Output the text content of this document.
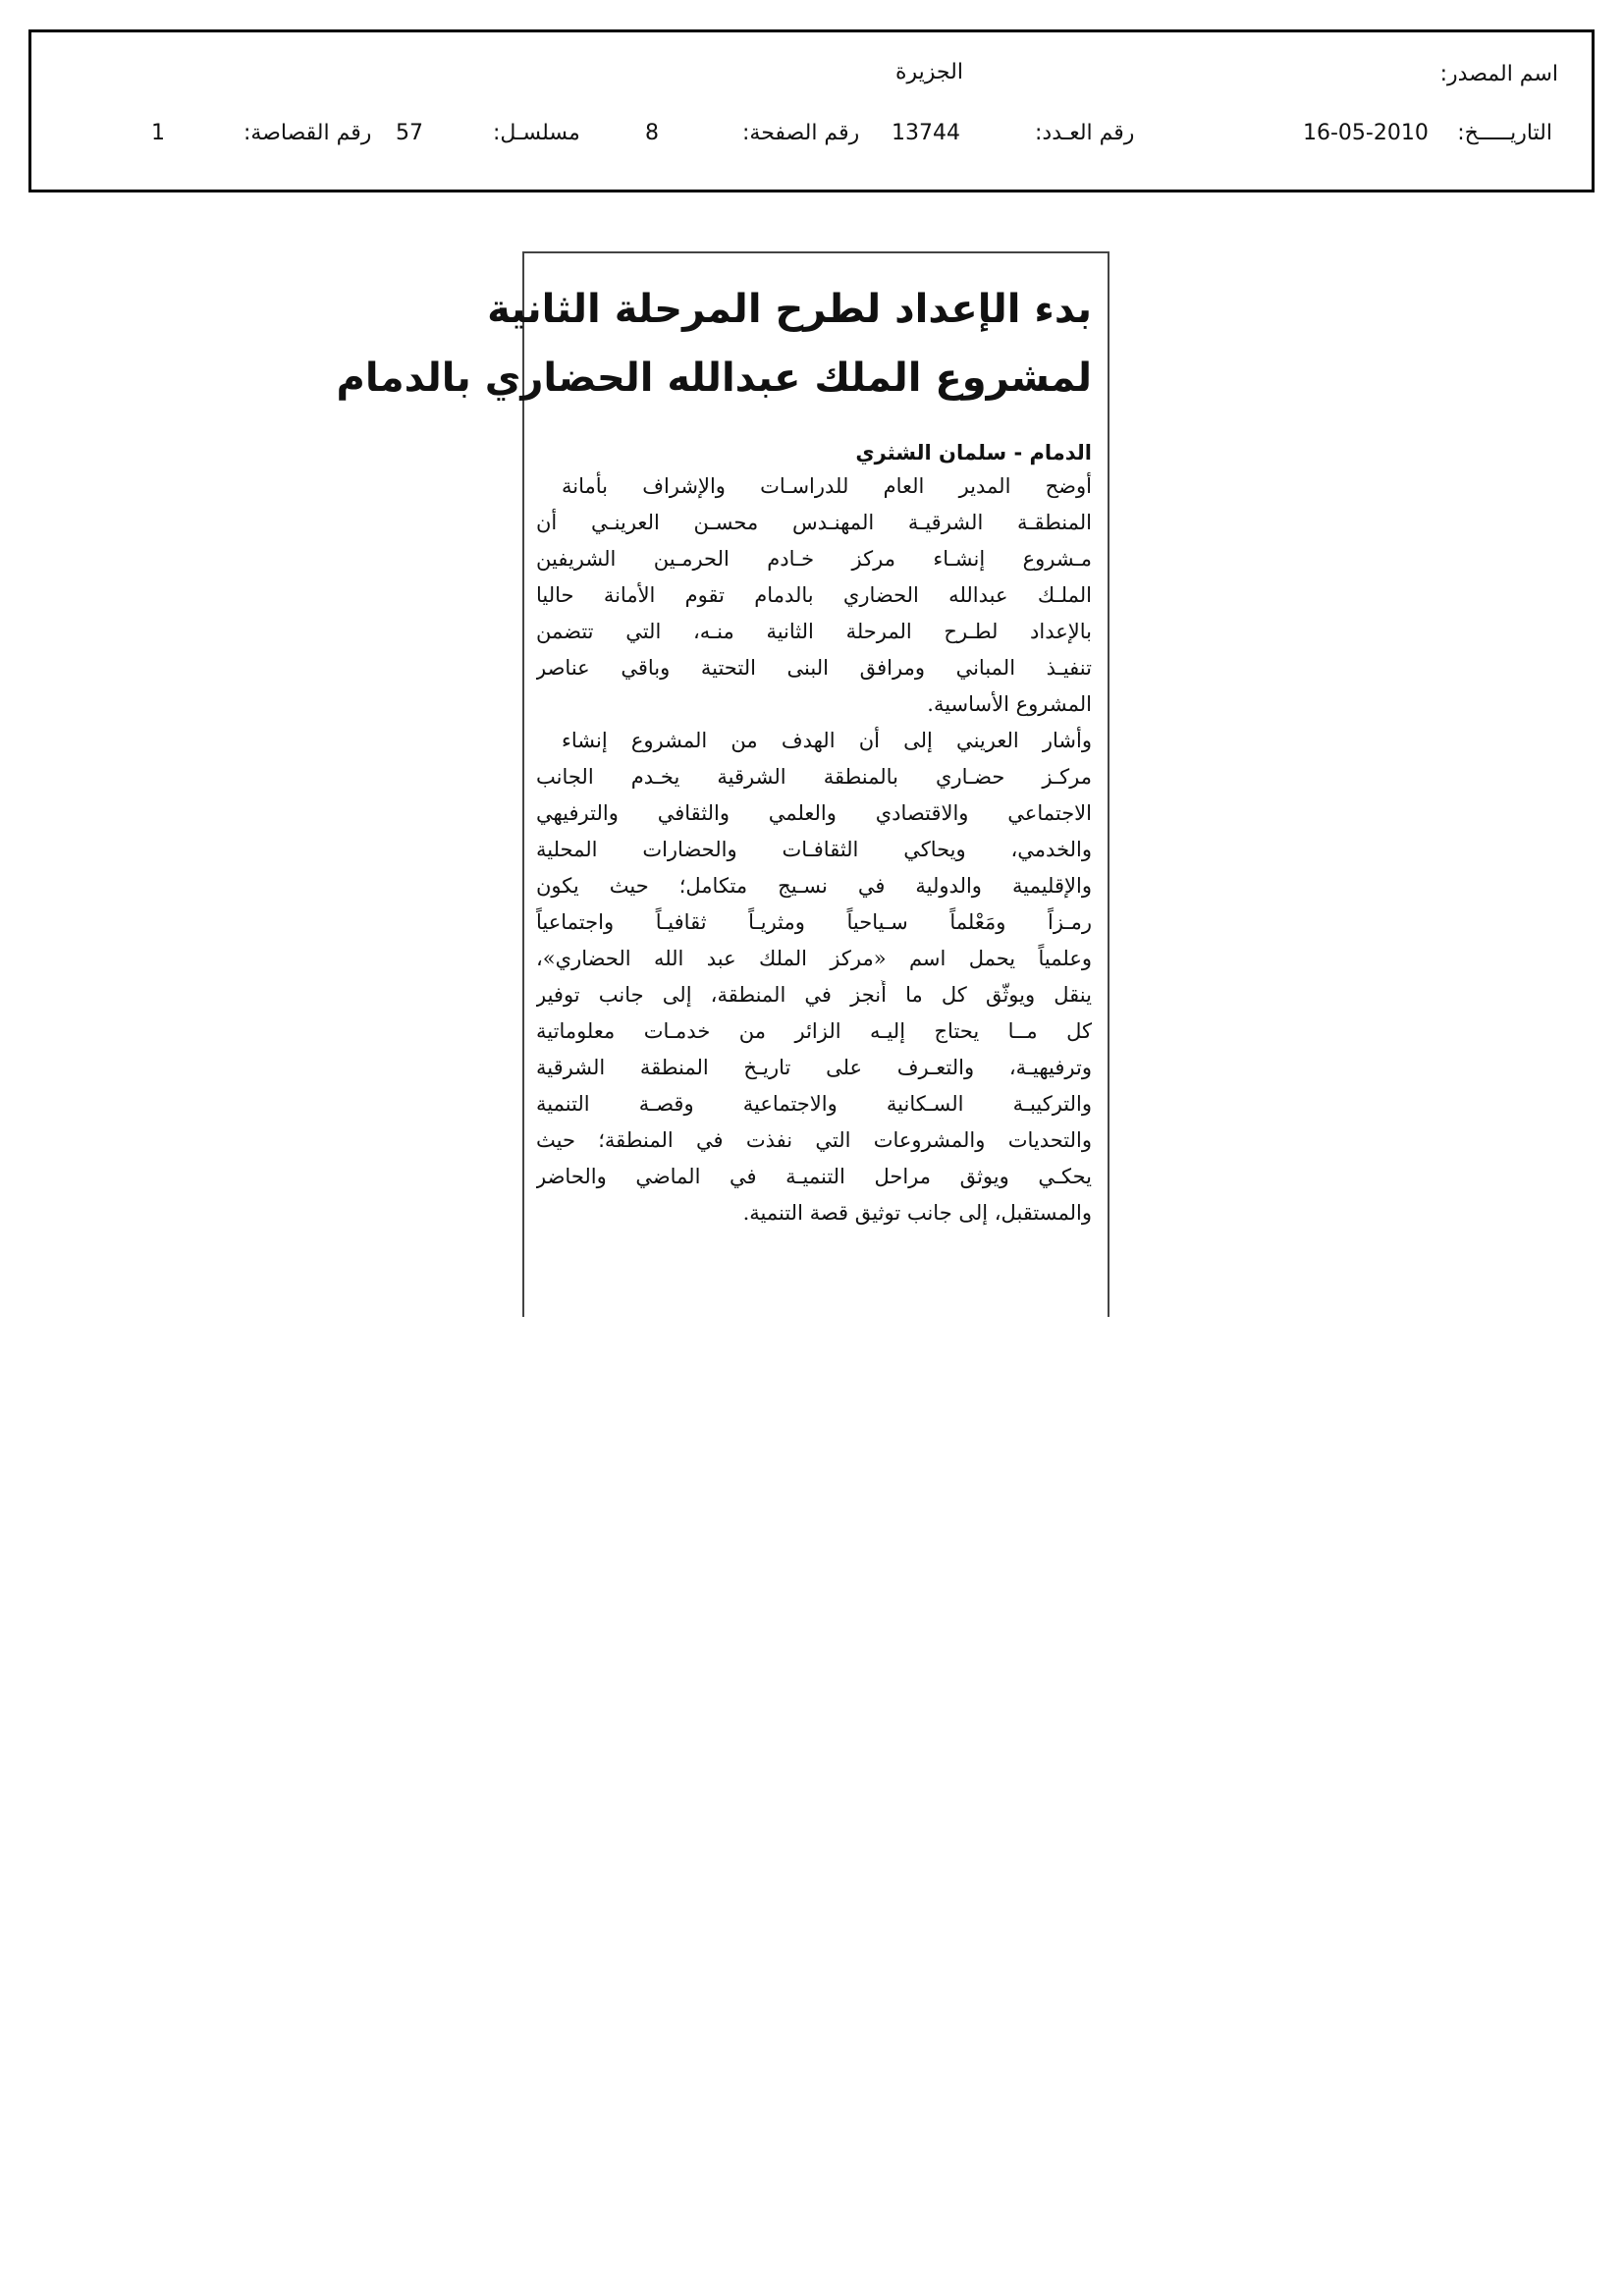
اسم المصدر:
الجزيرة
التاريـــــخ:
16-05-2010
رقم العـدد:
13744
رقم الصفحة:
8
مسلسـل:
57
رقم القصاصة:
1
بدء الإعداد لطرح المرحلة الثانية
لمشروع الملك عبدالله الحضاري بالدمام
الدمام - سلمان الشثري
أوضح المدير العام للدراسـات والإشراف بأمانة
المنطقـة الشرقيـة المهنـدس محسـن العرينـي أن
مـشروع إنشـاء مركز خـادم الحرمـين الشريفين
الملـك عبدالله الحضاري بالدمام تقوم الأمانة حاليا
بالإعداد لطـرح المرحلة الثانية منـه، التي تتضمن
تنفيـذ المباني ومرافق البنى التحتية وباقي عناصر
المشروع الأساسية.
وأشار العريني إلى أن الهدف من المشروع إنشاء
مركـز حضـاري بالمنطقة الشرقية يخـدم الجانب
الاجتماعي والاقتصادي والعلمي والثقافي والترفيهي
والخدمي، ويحاكي الثقافـات والحضارات المحلية
والإقليمية والدولية في نسـيج متكامل؛ حيث يكون
رمـزاً ومَعْلماً سـياحياً ومثريـاً ثقافيـاً واجتماعياً
وعلمياً يحمل اسم «مركز الملك عبد الله الحضاري»،
ينقل ويوثّق كل ما أُنجز في المنطقة، إلى جانب توفير
كل مــا يحتاج إليـه الزائر من خدمـات معلوماتية
وترفيهيـة، والتعـرف على تاريـخ المنطقة الشرقية
والتركيبـة السـكانية والاجتماعية وقصـة التنمية
والتحديات والمشروعات التي نفذت في المنطقة؛ حيث
يحكـي ويوثق مراحل التنميـة في الماضي والحاضر
والمستقبل، إلى جانب توثيق قصة التنمية.
